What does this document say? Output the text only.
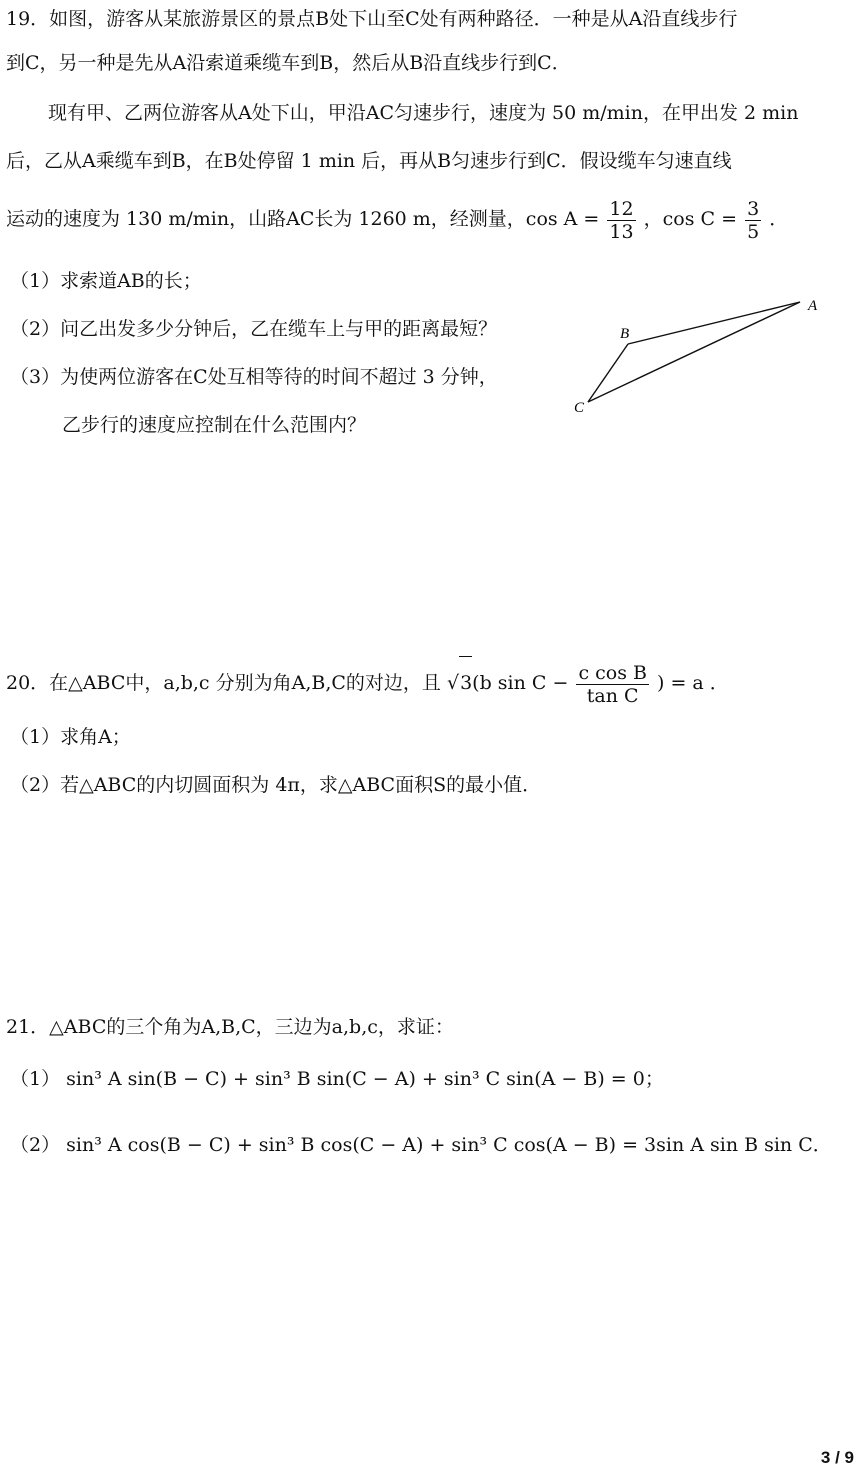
19．如图，游客从某旅游景区的景点B处下山至C处有两种路径．一种是从A沿直线步行
到C，另一种是先从A沿索道乘缆车到B，然后从B沿直线步行到C．
现有甲、乙两位游客从A处下山，甲沿AC匀速步行，速度为 50 m/min，在甲出发 2 min
后，乙从A乘缆车到B，在B处停留 1 min 后，再从B匀速步行到C．假设缆车匀速直线
运动的速度为 130 m/min，山路AC长为 1260 m，经测量，$\cos A = \frac{12}{13}$ ，$\cos C = \frac{3}{5}$ ．
（1）求索道AB的长；
（2）问乙出发多少分钟后，乙在缆车上与甲的距离最短？
（3）为使两位游客在C处互相等待的时间不超过 3 分钟，
乙步行的速度应控制在什么范围内？
A
B
C
20．在△ABC中，a,b,c 分别为角A,B,C的对边，且 √3(b $\sin C - \frac{\text{c cos B}}{\text{tan C}}$ ) = a ．
（1）求角A；
（2）若△ABC的内切圆面积为 4π，求△ABC面积S的最小值．
21．△ABC的三个角为A,B,C，三边为a,b,c，求证：
（1） sin³ A sin(B − C) + sin³ B sin(C − A) + sin³ C sin(A − B) = 0；
（2） sin³ A cos(B − C) + sin³ B cos(C − A) + sin³ C cos(A − B) = 3sin A sin B sin C．
3 / 9
